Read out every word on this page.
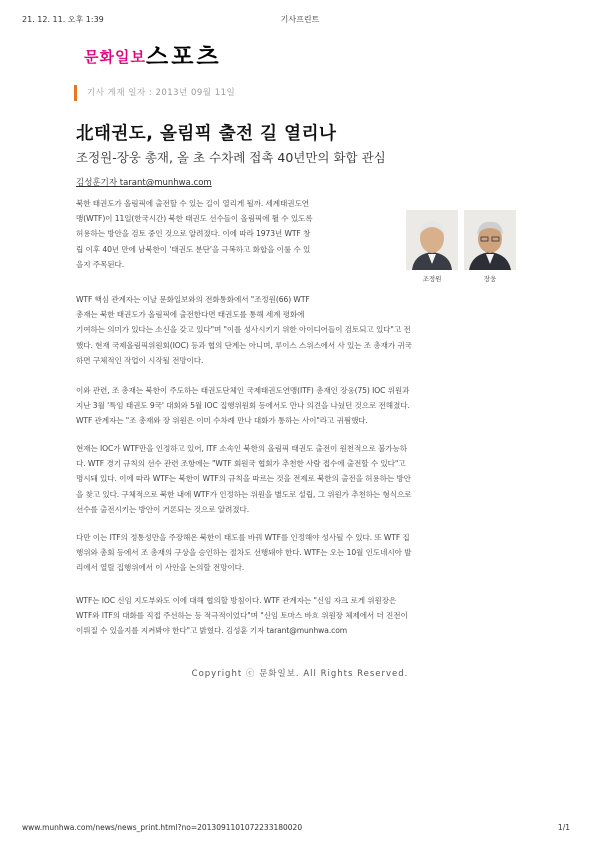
21. 12. 11. 오후 1:39	기사프린트
문화일보 스포츠
기사 게재 일자 : 2013년 09월 11일
北태권도, 올림픽 출전 길 열리나
조정원-장웅 총재, 올 초 수차례 접촉 40년만의 화합 관심
김성훈기자 tarant@munhwa.com
북한 태권도가 올림픽에 출전할 수 있는 길이 열리게 될까. 세계태권도연
맹(WTF)이 11일(한국시간) 북한 태권도 선수들이 올림픽에 뛸 수 있도록
허용하는 방안을 검토 중인 것으로 알려졌다. 이에 따라 1973년 WTF 창
립 이후 40년 만에 남북한이 '태권도 분단'을 극복하고 화합을 이룰 수 있
을지 주목된다.
조정원	장웅
WTF 핵심 관계자는 이날 문화일보와의 전화통화에서 "조정원(66) WTF
총재는 북한 태권도가 올림픽에 출전한다면 태권도를 통해 세계 평화에
기여하는 의미가 있다는 소신을 갖고 있다"며 "이를 성사시키기 위한 아이디어들이 검토되고 있다"고 전
했다. 현재 국제올림픽위원회(IOC) 등과 협의 단계는 아니며, 루이스 스위스에서 사 있는 조 총재가 귀국
하면 구체적인 작업이 시작될 전망이다.
이와 관련, 조 총재는 북한이 주도하는 태권도단체인 국제태권도연맹(ITF) 총재인 장웅(75) IOC 위원과
지난 3월 '특임 태권도 9국' 대회와 5월 IOC 집행위원회 등에서도 만나 의견을 나눴던 것으로 전해졌다.
WTF 관계자는 "조 총재와 장 위원은 이미 수차례 만나 대화가 통하는 사이"라고 귀띔했다.
현재는 IOC가 WTF만을 인정하고 있어, ITF 소속인 북한의 올림픽 태권도 출전이 원천적으로 불가능하
다. WTF 경기 규칙의 선수 관련 조항에는 "WTF 회원국 협회가 추천한 사람 접수에 출전할 수 있다"고
명시돼 있다. 이에 따라 WTF는 북한이 WTF의 규칙을 따르는 것을 전제로 북한의 출전을 허용하는 방안
을 찾고 있다. 구체적으로 북한 내에 WTF가 인정하는 위원을 별도로 설립, 그 위원가 추천하는 형식으로
선수를 출전시키는 방안이 거론되는 것으로 알려졌다.
다만 이는 ITF의 정통성만을 주장해온 북한이 태도를 바꿔 WTF를 인정해야 성사될 수 있다. 또 WTF 집
행위와 총회 등에서 조 총재의 구상을 승인하는 절차도 선행돼야 한다. WTF는 오는 10월 인도네시아 발
리에서 열릴 집행위에서 이 사안을 논의할 전망이다.
WTF는 IOC 신임 지도부와도 이에 대해 협의할 방침이다. WTF 관계자는 "신임 자크 로게 위원장은
WTF와 ITF의 대화를 직접 주선하는 등 적극적이었다"며 "신임 토마스 바흐 위원장 체제에서 더 진전이
이뤄질 수 있을지를 지켜봐야 한다"고 밝혔다. 김성훈 기자 tarant@munhwa.com
Copyright ⓒ 문화일보. All Rights Reserved.
www.munhwa.com/news/news_print.html?no=2013091101072233180020	1/1
